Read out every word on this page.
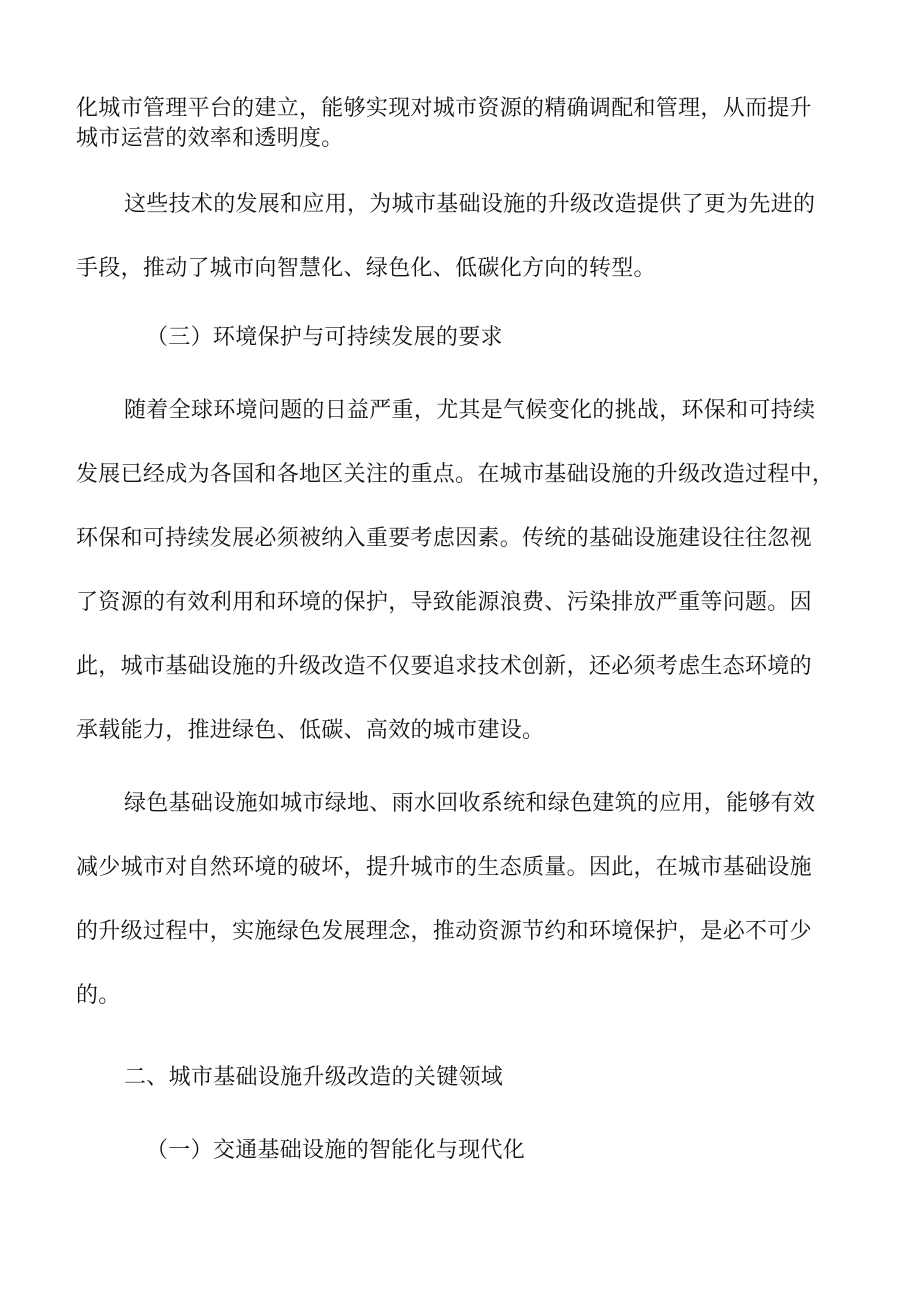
化城市管理平台的建立，能够实现对城市资源的精确调配和管理，从而提升
城市运营的效率和透明度。
这些技术的发展和应用，为城市基础设施的升级改造提供了更为先进的
手段，推动了城市向智慧化、绿色化、低碳化方向的转型。
（三）环境保护与可持续发展的要求
随着全球环境问题的日益严重，尤其是气候变化的挑战，环保和可持续
发展已经成为各国和各地区关注的重点。在城市基础设施的升级改造过程中，
环保和可持续发展必须被纳入重要考虑因素。传统的基础设施建设往往忽视
了资源的有效利用和环境的保护，导致能源浪费、污染排放严重等问题。因
此，城市基础设施的升级改造不仅要追求技术创新，还必须考虑生态环境的
承载能力，推进绿色、低碳、高效的城市建设。
绿色基础设施如城市绿地、雨水回收系统和绿色建筑的应用，能够有效
减少城市对自然环境的破坏，提升城市的生态质量。因此，在城市基础设施
的升级过程中，实施绿色发展理念，推动资源节约和环境保护，是必不可少
的。
二、城市基础设施升级改造的关键领域
（一）交通基础设施的智能化与现代化
